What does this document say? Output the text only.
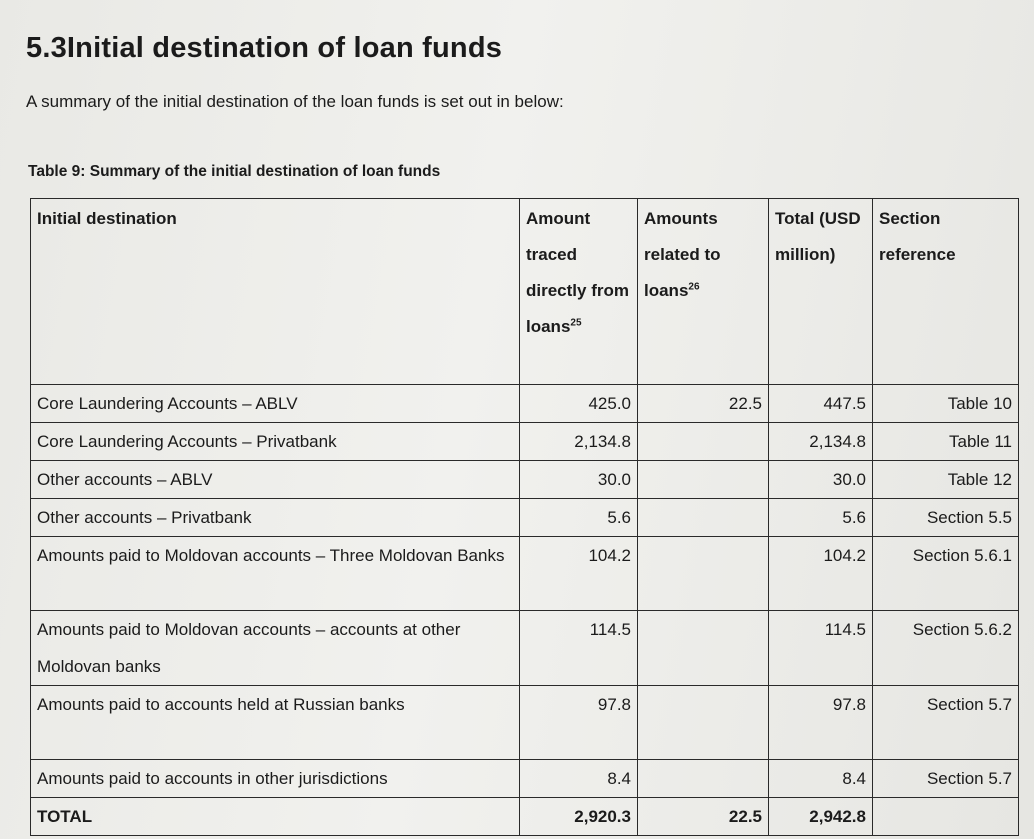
5.3Initial destination of loan funds

A summary of the initial destination of the loan funds is set out in below:

Table 9: Summary of the initial destination of loan funds

Initial destination	Amount traced directly from loans$^{25}$	Amounts related to loans$^{26}$	Total (USD million)	Section reference
Core Laundering Accounts – ABLV	425.0	22.5	447.5	Table 10
Core Laundering Accounts – Privatbank	2,134.8		2,134.8	Table 11
Other accounts – ABLV	30.0		30.0	Table 12
Other accounts – Privatbank	5.6		5.6	Section 5.5
Amounts paid to Moldovan accounts – Three Moldovan Banks	104.2		104.2	Section 5.6.1
Amounts paid to Moldovan accounts – accounts at other Moldovan banks	114.5		114.5	Section 5.6.2
Amounts paid to accounts held at Russian banks	97.8		97.8	Section 5.7
Amounts paid to accounts in other jurisdictions	8.4		8.4	Section 5.7
TOTAL	2,920.3	22.5	2,942.8	
